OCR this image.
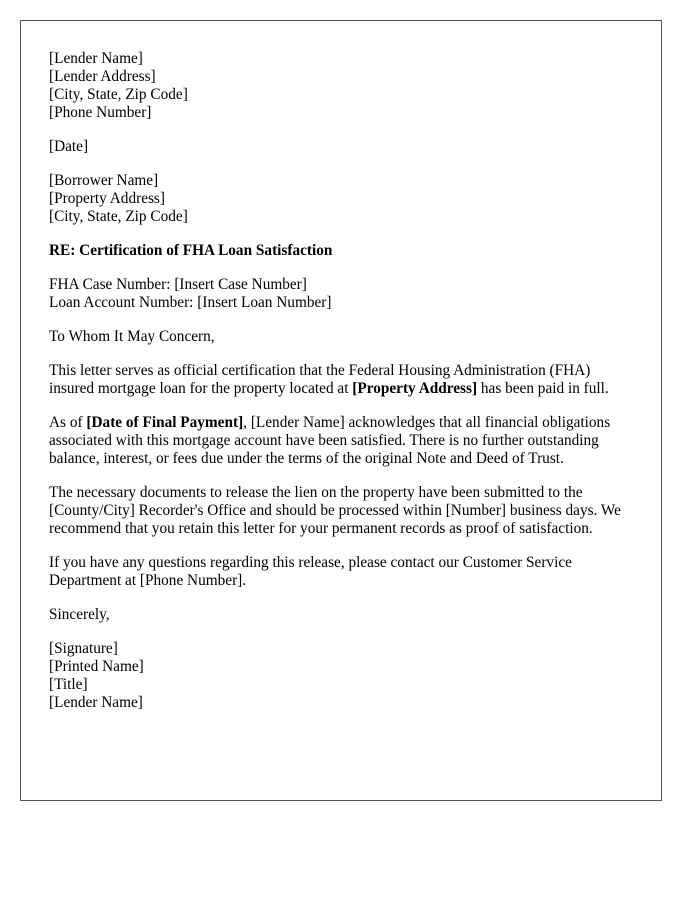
[Lender Name]
[Lender Address]
[City, State, Zip Code]
[Phone Number]
[Date]
[Borrower Name]
[Property Address]
[City, State, Zip Code]
RE: Certification of FHA Loan Satisfaction
FHA Case Number: [Insert Case Number]
Loan Account Number: [Insert Loan Number]
To Whom It May Concern,
This letter serves as official certification that the Federal Housing Administration (FHA) insured mortgage loan for the property located at [Property Address] has been paid in full.
As of [Date of Final Payment], [Lender Name] acknowledges that all financial obligations associated with this mortgage account have been satisfied. There is no further outstanding balance, interest, or fees due under the terms of the original Note and Deed of Trust.
The necessary documents to release the lien on the property have been submitted to the [County/City] Recorder's Office and should be processed within [Number] business days. We recommend that you retain this letter for your permanent records as proof of satisfaction.
If you have any questions regarding this release, please contact our Customer Service Department at [Phone Number].
Sincerely,
[Signature]
[Printed Name]
[Title]
[Lender Name]
